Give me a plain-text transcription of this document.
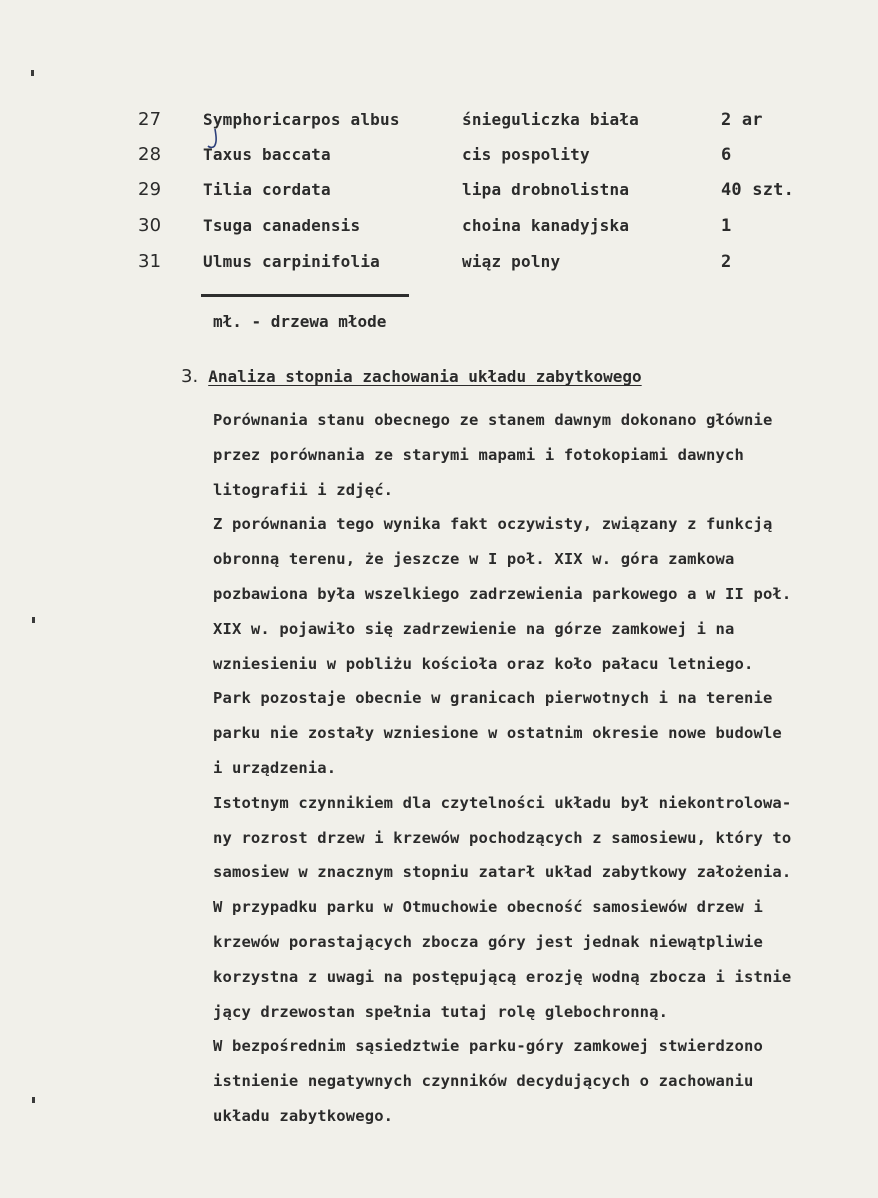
27	Symphoricarpos albus	śnieguliczka biała	2 ar
28	Taxus baccata	cis pospolity	6
29	Tilia cordata	lipa drobnolistna	40 szt.
30	Tsuga canadensis	choina kanadyjska	1
31	Ulmus carpinifolia	wiąz polny	2
mł. - drzewa młode
3. Analiza stopnia zachowania układu zabytkowego
Porównania stanu obecnego ze stanem dawnym dokonano głównie
przez porównania ze starymi mapami i fotokopiami dawnych
litografii i zdjęć.
Z porównania tego wynika fakt oczywisty, związany z funkcją
obronną terenu, że jeszcze w I poł. XIX w. góra zamkowa
pozbawiona była wszelkiego zadrzewienia parkowego a w II poł.
XIX w. pojawiło się zadrzewienie na górze zamkowej i na
wzniesieniu w pobliżu kościoła oraz koło pałacu letniego.
Park pozostaje obecnie w granicach pierwotnych i na terenie
parku nie zostały wzniesione w ostatnim okresie nowe budowle
i urządzenia.
Istotnym czynnikiem dla czytelności układu był niekontrolowa-
ny rozrost drzew i krzewów pochodzących z samosiewu, który to
samosiew w znacznym stopniu zatarł układ zabytkowy założenia.
W przypadku parku w Otmuchowie obecność samosiewów drzew i
krzewów porastających zbocza góry jest jednak niewątpliwie
korzystna z uwagi na postępującą erozję wodną zbocza i istnie
jący drzewostan spełnia tutaj rolę glebochronną.
W bezpośrednim sąsiedztwie parku-góry zamkowej stwierdzono
istnienie negatywnych czynników decydujących o zachowaniu
układu zabytkowego.
